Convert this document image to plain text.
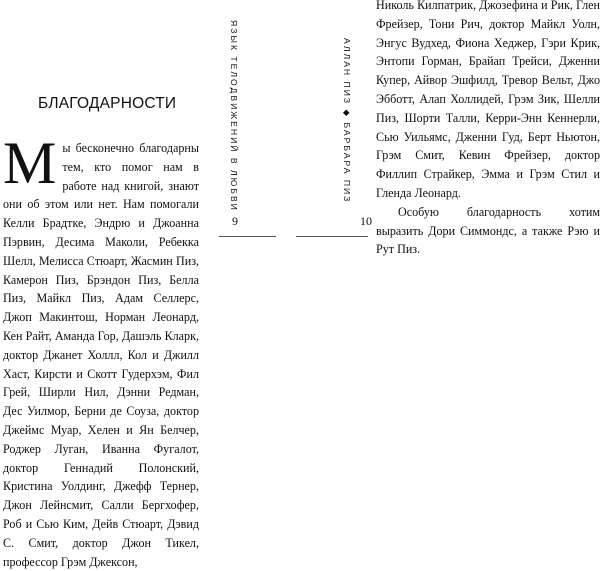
БЛАГОДАРНОСТИ
Мы бесконечно благодарны тем, кто помог нам в работе над книгой, знают они об этом или нет. Нам помогали Келли Брадтке, Эндрю и Джоанна Пэрвин, Десима Маколи, Ребекка Шелл, Мелисса Стюарт, Жасмин Пиз, Камерон Пиз, Брэндон Пиз, Белла Пиз, Майкл Пиз, Адам Селлерс, Джоп Макинтош, Норман Леонард, Кен Райт, Аманда Гор, Дашэль Кларк, доктор Джанет Холлл, Кол и Джилл Хаст, Кирсти и Скотт Гудерхэм, Фил Грей, Ширли Нил, Дэнни Редман, Дес Уилмор, Берни де Соуза, доктор Джеймс Муар, Хелен и Ян Белчер, Роджер Луган, Иванна Фугалот, доктор Геннадий Полонский, Кристина Уолдинг, Джефф Тернер, Джон Лейнсмит, Салли Бергхофер, Роб и Сью Ким, Дейв Стюарт, Дэвид С. Смит, доктор Джон Тикел, профессор Грэм Джексон,
ЯЗЫК ТЕЛОДВИЖЕНИЙ В ЛЮБВИ
9

Николь Килпатрик, Джозефина и Рик, Глен Фрейзер, Тони Рич, доктор Майкл Уолн, Энгус Вудхед, Фиона Хеджер, Гэри Крик, Энтопи Горман, Брайап Трейси, Дженни Купер, Айвор Эшфилд, Тревор Вельт, Джо Эбботт, Алап Холлидей, Грэм Зик, Шелли Пиз, Шорти Талли, Керри-Энн Кеннерли, Сью Уильямс, Дженни Гуд, Берт Ньютон, Грэм Смит, Кевин Фрейзер, доктор Филлип Страйкер, Эмма и Грэм Стил и Гленда Леонард.

Особую благодарность хотим выразить Дори Симмондс, а также Рэю и Рут Пиз.

АЛЛАН ПИЗ ◆ БАРБАРА ПИЗ
10
